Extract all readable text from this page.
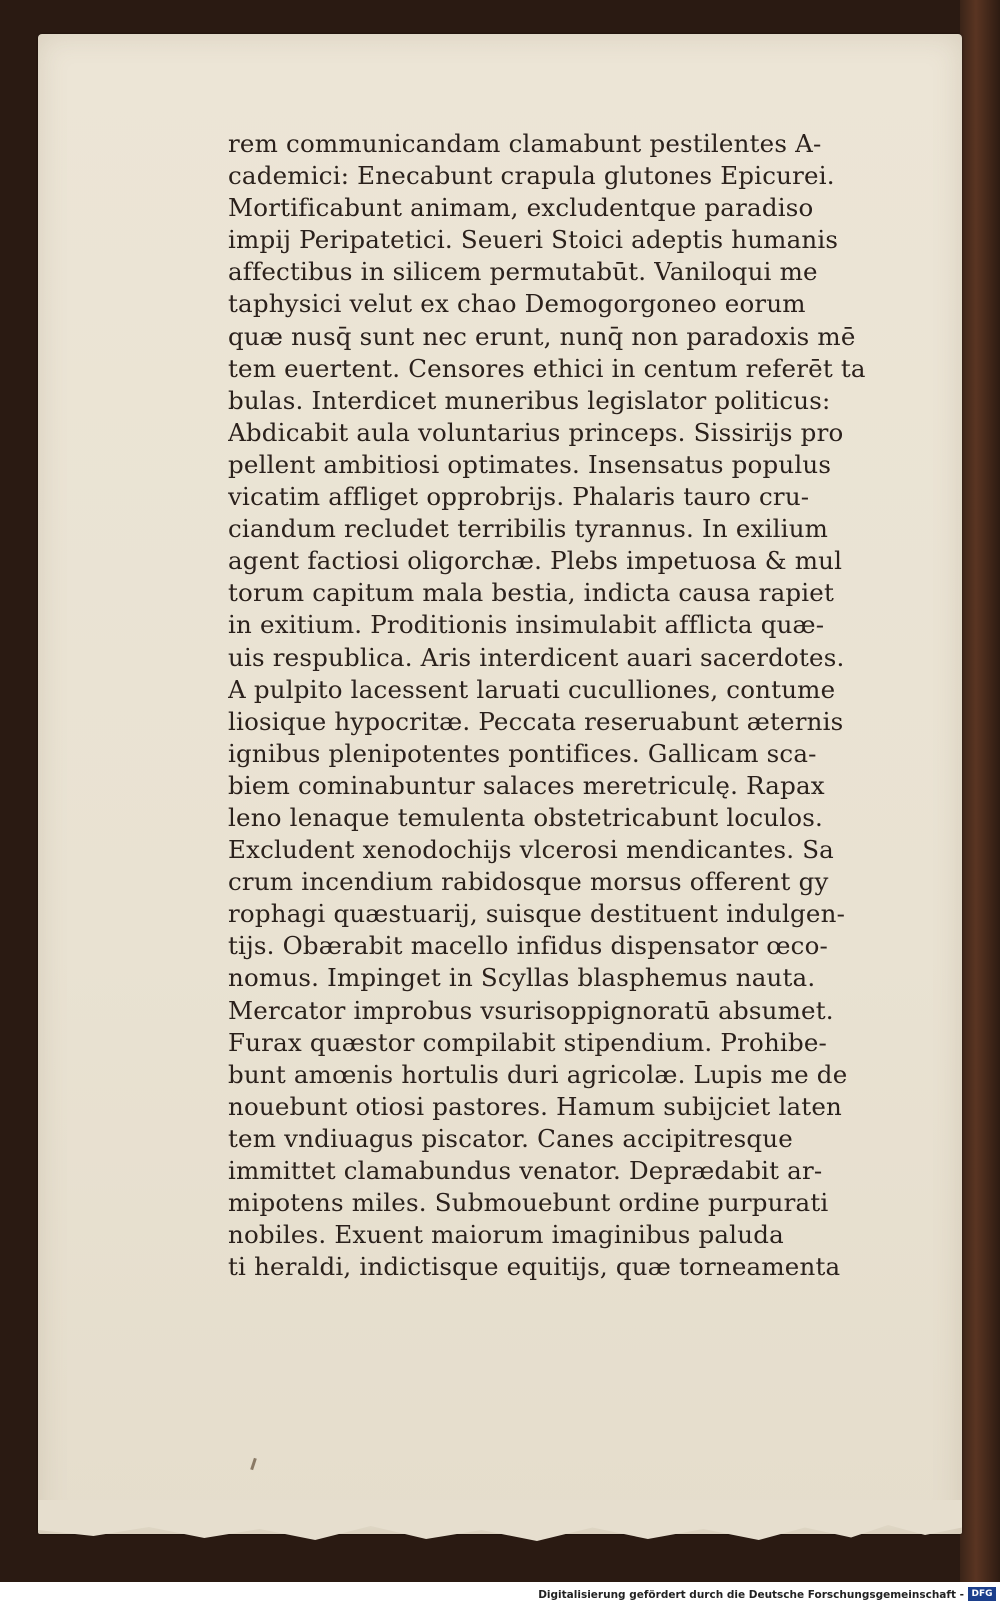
rem communicandam clamabunt pestilentes A-
cademici: Enecabunt crapula glutones Epicurei.
Mortificabunt animam, excludentque paradiso
impij Peripatetici. Seueri Stoici adeptis humanis
affectibus in silicem permutabūt. Vaniloqui me
taphysici velut ex chao Demogorgoneo eorum
quæ nusq̄ sunt nec erunt, nunq̄ non paradoxis mē
tem euertent. Censores ethici in centum referēt ta
bulas. Interdicet muneribus legislator politicus:
Abdicabit aula voluntarius princeps. Sissirijs pro
pellent ambitiosi optimates. Insensatus populus
vicatim affliget opprobrijs. Phalaris tauro cru-
ciandum recludet terribilis tyrannus. In exilium
agent factiosi oligorchæ. Plebs impetuosa & mul
torum capitum mala bestia, indicta causa rapiet
in exitium. Proditionis insimulabit afflicta quæ-
uis respublica. Aris interdicent auari sacerdotes.
A pulpito lacessent laruati cuculliones, contume
liosique hypocritæ. Peccata reseruabunt æternis
ignibus plenipotentes pontifices. Gallicam sca-
biem cominabuntur salaces meretriculę. Rapax
leno lenaque temulenta obstetricabunt loculos.
Excludent xenodochijs vlcerosi mendicantes. Sa
crum incendium rabidosque morsus offerent gy
rophagi quæstuarij, suisque destituent indulgen-
tijs. Obærabit macello infidus dispensator œco-
nomus. Impinget in Scyllas blasphemus nauta.
Mercator improbus vsurisoppignoratū absumet.
Furax quæstor compilabit stipendium. Prohibe-
bunt amœnis hortulis duri agricolæ. Lupis me de
nouebunt otiosi pastores. Hamum subijciet laten
tem vndiuagus piscator. Canes accipitresque
immittet clamabundus venator. Deprædabit ar-
mipotens miles. Submouebunt ordine purpurati
nobiles. Exuent maiorum imaginibus paluda
ti heraldi, indictisque equitijs, quæ torneamenta
Digitalisierung gefördert durch die Deutsche Forschungsgemeinschaft - DFG
